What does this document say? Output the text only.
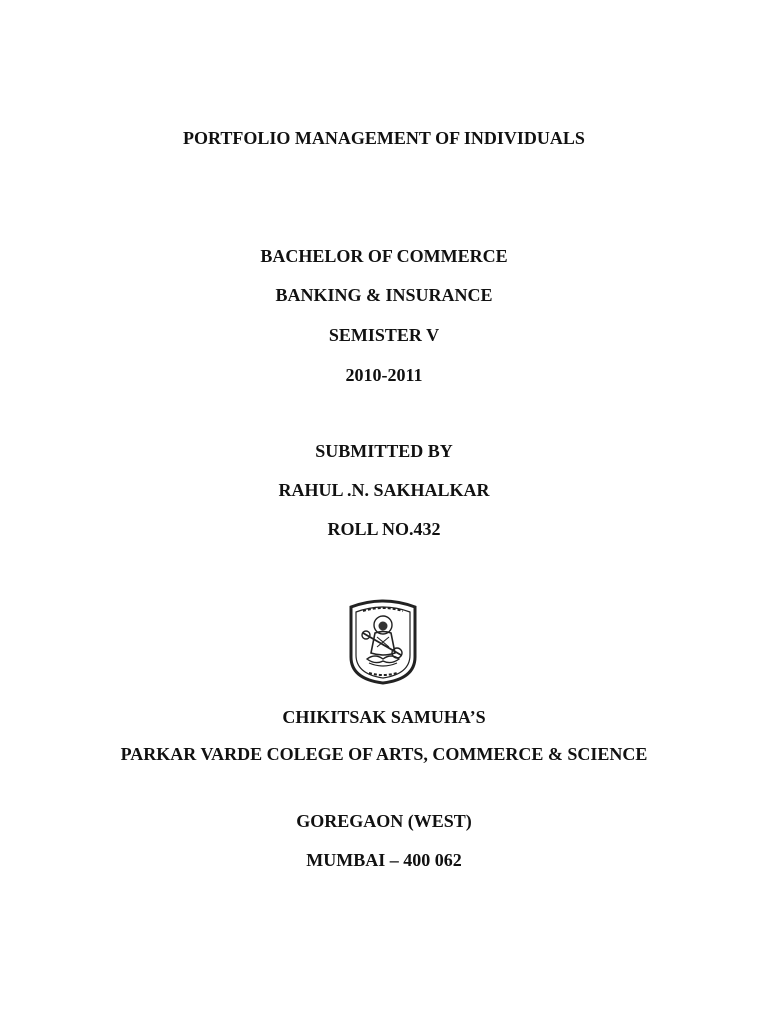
PORTFOLIO MANAGEMENT OF INDIVIDUALS
BACHELOR OF COMMERCE
BANKING & INSURANCE
SEMISTER V
2010-2011
SUBMITTED BY
RAHUL .N. SAKHALKAR
ROLL NO.432
CHIKITSAK SAMUHA’S
PARKAR VARDE COLEGE OF ARTS, COMMERCE & SCIENCE
GOREGAON (WEST)
MUMBAI – 400 062
